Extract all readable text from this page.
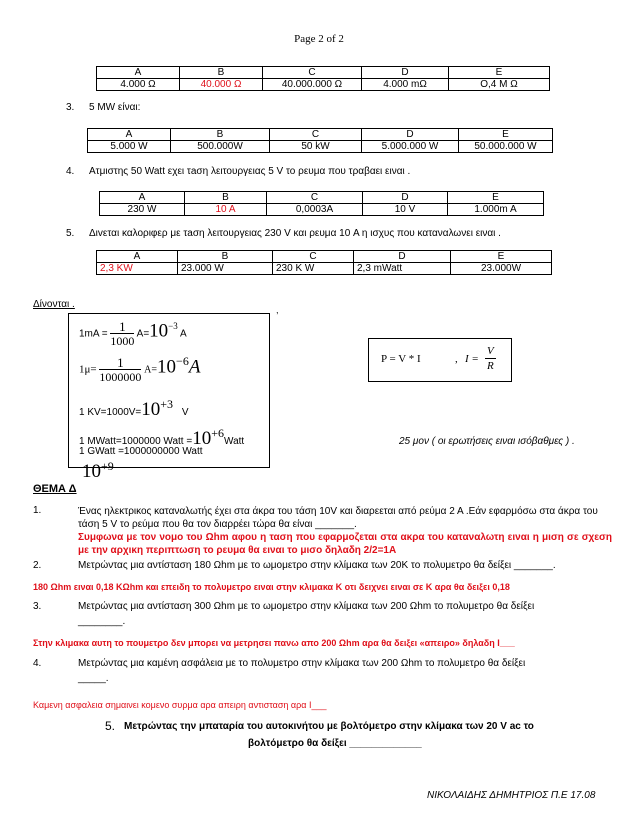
Page 2 of 2
A	B	C	D	E
4.000 Ω	40.000 Ω	40.000.000 Ω	4.000 mΩ	O,4 M Ω
3. 5 MW είναι:
A	B	C	D	E
5.000 W	500.000W	50 kW	5.000.000 W	50.000.000 W
4. Ατμιστης 50 Watt εχει τaση λειτουργειας 5 V το ρευμα που τραβαει ειναι .
A	B	C	D	E
230 W	10 A	0,0003A	10 V	1.000m A
5. Διvεται καλοριφερ με τaση λειτουργειας 230 V και ρευμα 10 A η ισχυς που καταναλωνει ειναι .
A	B	C	D	E
2,3 KW	23.000 W	230 K W	2,3 mWatt	23.000W
Δίνονται .
$1mA = \frac{1}{1000} A=10^{-3}$ A
$1\mu= \frac{1}{1000000} A=10^{-6}A$
1 $KV=1000V=10^{+3}$ V
1 MWatt=1000000 Watt $=10^{+6}Watt$
1 GWatt =1000000000 Watt
$10^{+9}$
,
P = V * I	, $I = \frac{V}{R}$
25 μον ( οι ερωτήσεις ειναι ισόβαθμες ) .
ΘΕΜΑ Δ
1.	Ένας ηλεκτρικος καταναλωτής έχει στα άκρα του τάση 10V και διαρεεται από ρεύμα 2 Α .Εάν εφαρμόσω στα άκρα του τάση 5 V το ρεύμα που θα τον διαρρέει τώρα θα είναι _______.
Συμφωνα με τον νομο του Ωhm αφου η ταση που εφαρμοζεται στα ακρα του καταναλωτη ειναι η μιση σε σχεση με την αρχικη περιπτωση το ρευμα θα ειναι το μισο δηλαδη 2/2=1Α
2.	Μετρώντας μια αντίσταση 180 Ωhm με το ωμομετρο στην κλίμακα των 20K το πολυμετρο θα δείξει _______.
180 Ωhm ειναι 0,18 ΚΩhm και επειδη το πολυμετρο ειναι στην κλιμακα Κ οτι δειχνει ειναι σε Κ αρα θα δειξει 0,18
3.	Μετρώντας μια αντίσταση 300 Ωhm με το ωμομετρο στην κλίμακα των 200 Ωhm το πολυμετρο θα δείξει
________.
Στην κλιμακα αυτη το πουμετρο δεν μπορει να μετρησει πανω απο 200 Ωhm αρα θα δειξει «απειρο» δηλαδη Ι___
4.	Μετρώντας μια καμένη ασφάλεια με το πολυμετρο στην κλίμακα των 200 Ωhm το πολυμετρο θα δείξει
_____.
Καμενη ασφαλεια σημαινει κομενο συρμα αρα απειρη αντισταση αρα Ι___
5. Μετρώντας την μπαταρία του αυτοκινήτου με βολτόμετρο στην κλίμακα των 20 V ac το
βολτόμετρο θα δείξει _____________
ΝΙΚΟΛΑΙΔΗΣ ΔΗΜΗΤΡΙΟΣ Π.Ε 17.08
